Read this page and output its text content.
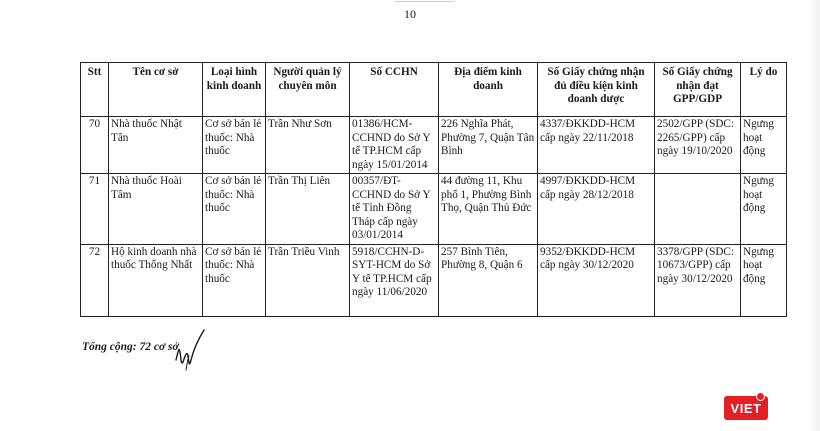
10
Stt	Tên cơ sở	Loại hình kinh doanh	Người quản lý chuyên môn	Số CCHN	Địa điểm kinh doanh	Số Giấy chứng nhận đủ điều kiện kinh doanh dược	Số Giấy chứng nhận đạt GPP/GDP	Lý do
70	Nhà thuốc Nhật Tân	Cơ sở bán lẻ thuốc: Nhà thuốc	Trần Như Sơn	01386/HCM-CCHND do Sở Y tế TP.HCM cấp ngày 15/01/2014	226 Nghĩa Phát, Phường 7, Quận Tân Bình	4337/ĐKKDD-HCM cấp ngày 22/11/2018	2502/GPP (SDC: 2265/GPP) cấp ngày 19/10/2020	Ngưng hoạt động
71	Nhà thuốc Hoài Tâm	Cơ sở bán lẻ thuốc: Nhà thuốc	Trần Thị Liên	00357/ĐT-CCHND do Sở Y tế Tỉnh Đồng Tháp cấp ngày 03/01/2014	44 đường 11, Khu phố 1, Phường Bình Thọ, Quận Thủ Đức	4997/ĐKKDD-HCM cấp ngày 28/12/2018		Ngưng hoạt động
72	Hộ kinh doanh nhà thuốc Thống Nhất	Cơ sở bán lẻ thuốc: Nhà thuốc	Trần Triều Vinh	5918/CCHN-D-SYT-HCM do Sở Y tế TP.HCM cấp ngày 11/06/2020	257 Bình Tiên, Phường 8, Quận 6	9352/ĐKKDD-HCM cấp ngày 30/12/2020	3378/GPP (SDC: 10673/GPP) cấp ngày 30/12/2020	Ngưng hoạt động
Tổng cộng: 72 cơ sở
VIET
